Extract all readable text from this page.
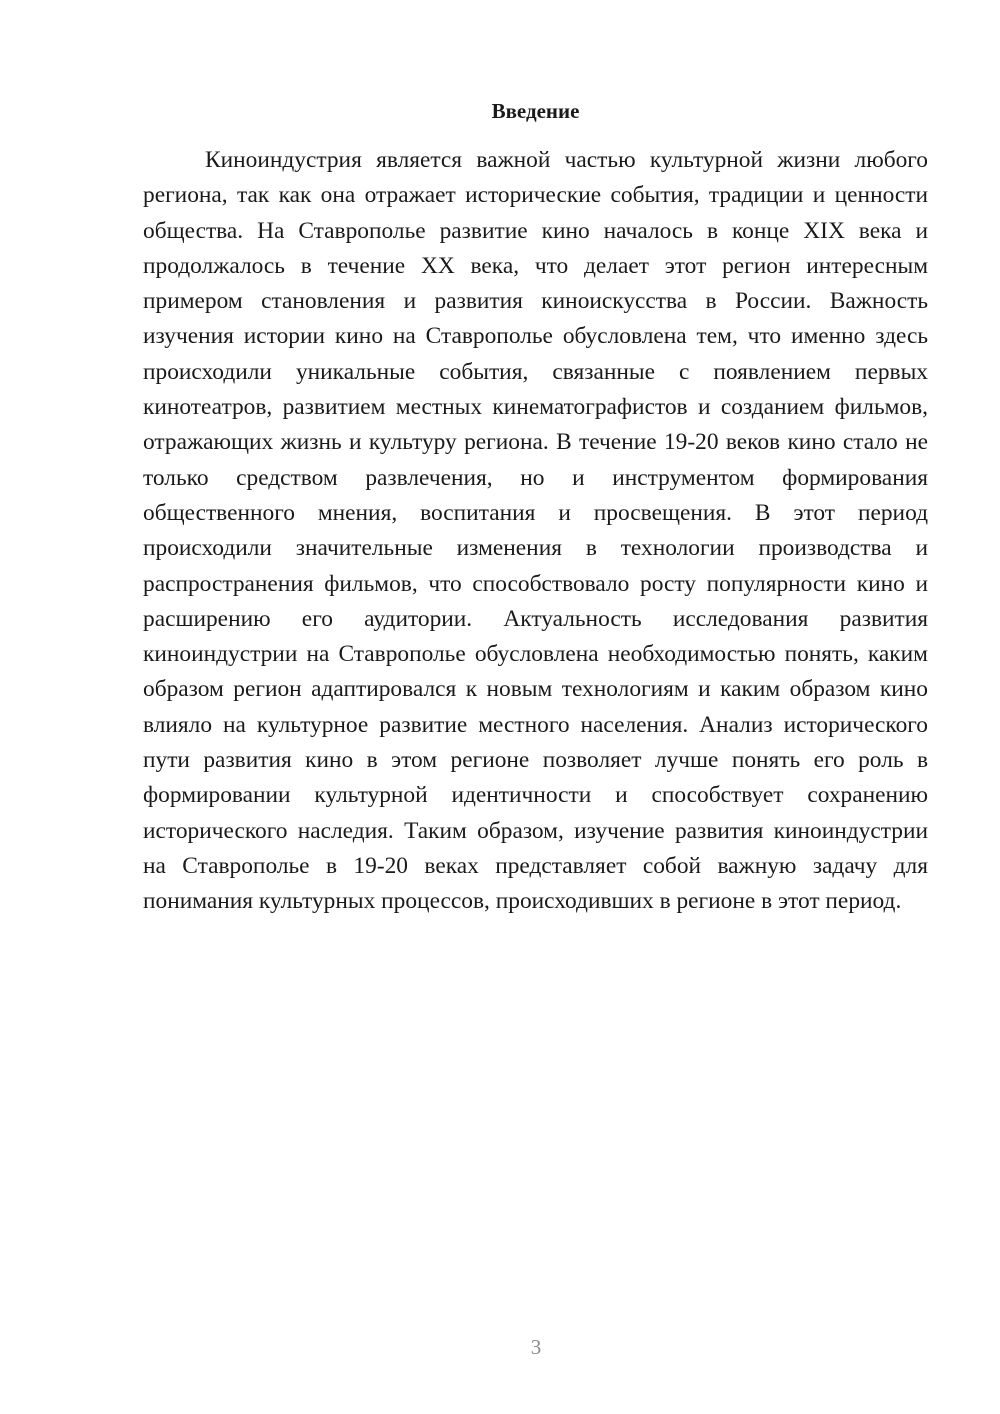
Введение

Киноиндустрия является важной частью культурной жизни любого региона, так как она отражает исторические события, традиции и ценности общества. На Ставрополье развитие кино началось в конце XIX века и продолжалось в течение XX века, что делает этот регион интересным примером становления и развития киноискусства в России. Важность изучения истории кино на Ставрополье обусловлена тем, что именно здесь происходили уникальные события, связанные с появлением первых кинотеатров, развитием местных кинематографистов и созданием фильмов, отражающих жизнь и культуру региона. В течение 19-20 веков кино стало не только средством развлечения, но и инструментом формирования общественного мнения, воспитания и просвещения. В этот период происходили значительные изменения в технологии производства и распространения фильмов, что способствовало росту популярности кино и расширению его аудитории. Актуальность исследования развития киноиндустрии на Ставрополье обусловлена необходимостью понять, каким образом регион адаптировался к новым технологиям и каким образом кино влияло на культурное развитие местного населения. Анализ исторического пути развития кино в этом регионе позволяет лучше понять его роль в формировании культурной идентичности и способствует сохранению исторического наследия. Таким образом, изучение развития киноиндустрии на Ставрополье в 19-20 веках представляет собой важную задачу для понимания культурных процессов, происходивших в регионе в этот период.

3
